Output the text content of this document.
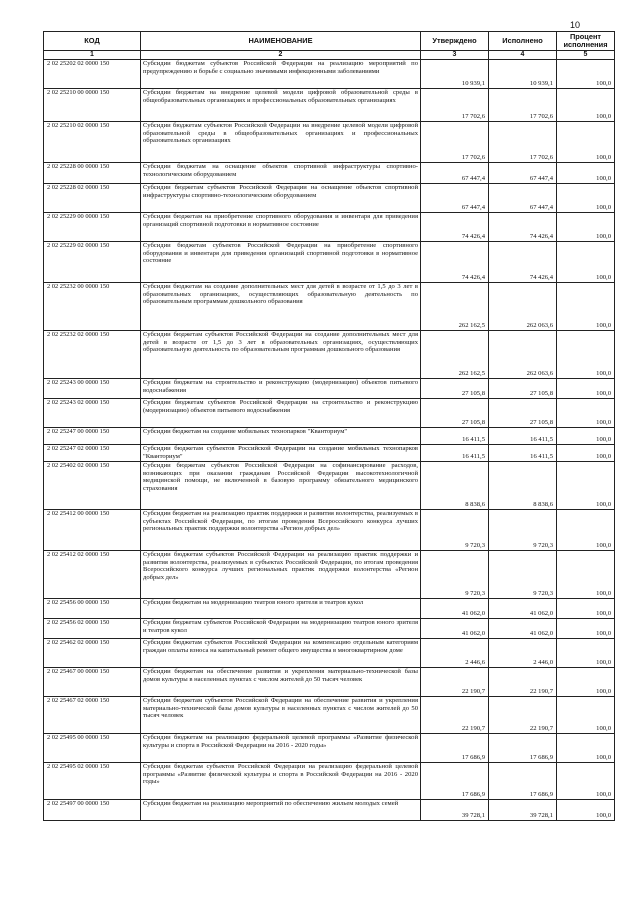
10
КОД	НАИМЕНОВАНИЕ	Утверждено	Исполнено	Процент исполнения
1	2	3	4	5
2 02 25202 02 0000 150	Субсидии бюджетам субъектов Российской Федерации на реализацию мероприятий по предупреждению и борьбе с социально значимыми инфекционными заболеваниями	10 939,1	10 939,1	100,0
2 02 25210 00 0000 150	Субсидии бюджетам на внедрение целевой модели цифровой образовательной среды в общеобразовательных организациях и профессиональных образовательных организациях	17 702,6	17 702,6	100,0
2 02 25210 02 0000 150	Субсидии бюджетам субъектов Российской Федерации на внедрение целевой модели цифровой образовательной среды в общеобразовательных организациях и профессиональных образовательных организациях	17 702,6	17 702,6	100,0
2 02 25228 00 0000 150	Субсидии бюджетам на оснащение объектов спортивной инфраструктуры спортивно-технологическим оборудованием	67 447,4	67 447,4	100,0
2 02 25228 02 0000 150	Субсидии бюджетам субъектов Российской Федерации на оснащение объектов спортивной инфраструктуры спортивно-технологическим оборудованием	67 447,4	67 447,4	100,0
2 02 25229 00 0000 150	Субсидии бюджетам на приобретение спортивного оборудования и инвентаря для приведения организаций спортивной подготовки в нормативное состояние	74 426,4	74 426,4	100,0
2 02 25229 02 0000 150	Субсидии бюджетам субъектов Российской Федерации на приобретение спортивного оборудования и инвентаря для приведения организаций спортивной подготовки в нормативное состояние	74 426,4	74 426,4	100,0
2 02 25232 00 0000 150	Субсидии бюджетам на создание дополнительных мест для детей в возрасте от 1,5 до 3 лет в образовательных организациях, осуществляющих образовательную деятельность по образовательным программам дошкольного образования	262 162,5	262 063,6	100,0
2 02 25232 02 0000 150	Субсидии бюджетам субъектов Российской Федерации на создание дополнительных мест для детей в возрасте от 1,5 до 3 лет в образовательных организациях, осуществляющих образовательную деятельность по образовательным программам дошкольного образования	262 162,5	262 063,6	100,0
2 02 25243 00 0000 150	Субсидии бюджетам на строительство и реконструкцию (модернизацию) объектов питьевого водоснабжения	27 105,8	27 105,8	100,0
2 02 25243 02 0000 150	Субсидии бюджетам субъектов Российской Федерации на строительство и реконструкцию (модернизацию) объектов питьевого водоснабжения	27 105,8	27 105,8	100,0
2 02 25247 00 0000 150	Субсидии бюджетам на создание мобильных технопарков "Кванториум"	16 411,5	16 411,5	100,0
2 02 25247 02 0000 150	Субсидии бюджетам субъектов Российской Федерации на создание мобильных технопарков "Кванториум"	16 411,5	16 411,5	100,0
2 02 25402 02 0000 150	Субсидии бюджетам субъектов Российской Федерации на софинансирование расходов, возникающих при оказании гражданам Российской Федерации высокотехнологичной медицинской помощи, не включенной в базовую программу обязательного медицинского страхования	8 838,6	8 838,6	100,0
2 02 25412 00 0000 150	Субсидии бюджетам на реализацию практик поддержки и развития волонтерства, реализуемых в субъектах Российской Федерации, по итогам проведения Всероссийского конкурса лучших региональных практик поддержки волонтерства «Регион добрых дел»	9 720,3	9 720,3	100,0
2 02 25412 02 0000 150	Субсидии бюджетам субъектов Российской Федерации на реализацию практик поддержки и развития волонтерства, реализуемых в субъектах Российской Федерации, по итогам проведения Всероссийского конкурса лучших региональных практик поддержки волонтерства «Регион добрых дел»	9 720,3	9 720,3	100,0
2 02 25456 00 0000 150	Субсидии бюджетам на модернизацию театров юного зрителя и театров кукол	41 062,0	41 062,0	100,0
2 02 25456 02 0000 150	Субсидии бюджетам субъектов Российской Федерации на модернизацию театров юного зрителя и театров кукол	41 062,0	41 062,0	100,0
2 02 25462 02 0000 150	Субсидии бюджетам субъектов Российской Федерации на компенсацию отдельным категориям граждан оплаты взноса на капитальный ремонт общего имущества в многоквартирном доме	2 446,6	2 446,0	100,0
2 02 25467 00 0000 150	Субсидии бюджетам на обеспечение развития и укрепления материально-технической базы домов культуры в населенных пунктах с числом жителей до 50 тысяч человек	22 190,7	22 190,7	100,0
2 02 25467 02 0000 150	Субсидии бюджетам субъектов Российской Федерации на обеспечение развития и укрепления материально-технической базы домов культуры в населенных пунктах с числом жителей до 50 тысяч человек	22 190,7	22 190,7	100,0
2 02 25495 00 0000 150	Субсидии бюджетам на реализацию федеральной целевой программы «Развитие физической культуры и спорта в Российской Федерации на 2016 - 2020 годы»	17 686,9	17 686,9	100,0
2 02 25495 02 0000 150	Субсидии бюджетам субъектов Российской Федерации на реализацию федеральной целевой программы «Развитие физической культуры и спорта в Российской Федерации на 2016 - 2020 годы»	17 686,9	17 686,9	100,0
2 02 25497 00 0000 150	Субсидии бюджетам на реализацию мероприятий по обеспечению жильем молодых семей	39 728,1	39 728,1	100,0
